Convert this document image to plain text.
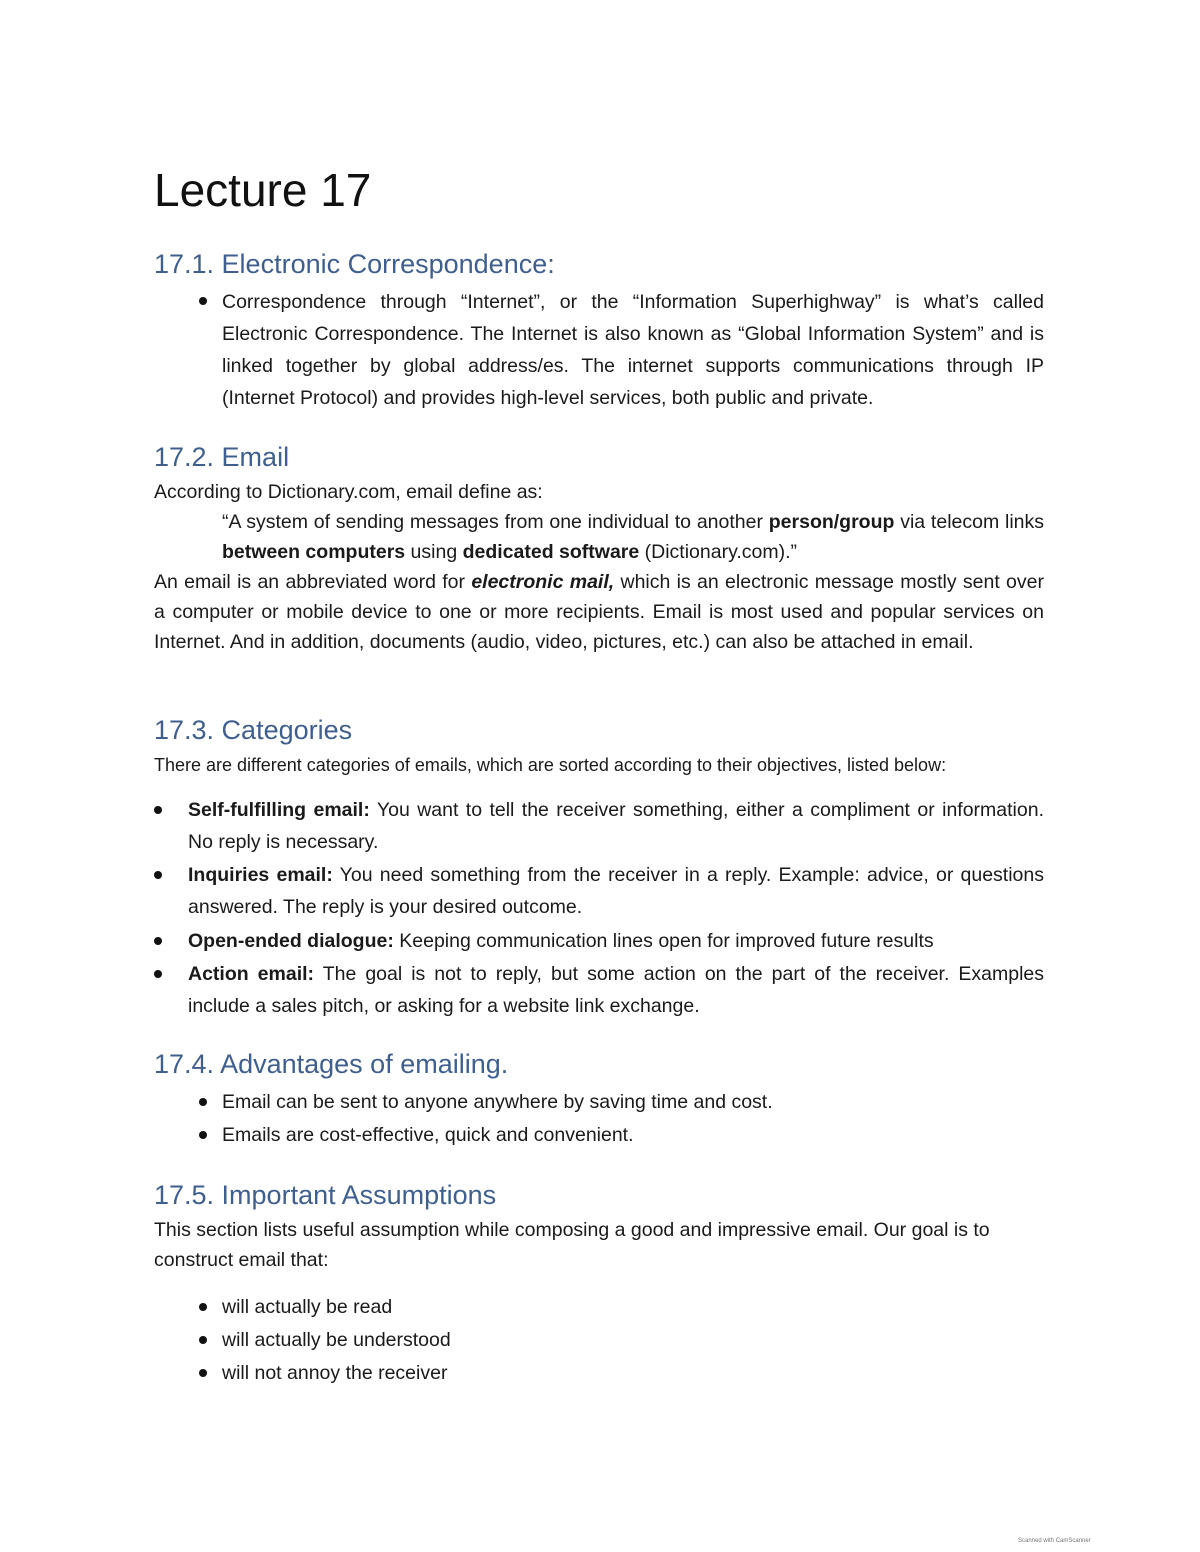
Lecture 17
17.1. Electronic Correspondence:
Correspondence through “Internet”, or the “Information Superhighway” is what’s called Electronic Correspondence. The Internet is also known as “Global Information System” and is linked together by global address/es. The internet supports communications through IP (Internet Protocol) and provides high-level services, both public and private.
17.2. Email
According to Dictionary.com, email define as:
“A system of sending messages from one individual to another person/group via telecom links between computers using dedicated software (Dictionary.com).”
An email is an abbreviated word for electronic mail, which is an electronic message mostly sent over a computer or mobile device to one or more recipients. Email is most used and popular services on Internet. And in addition, documents (audio, video, pictures, etc.) can also be attached in email.
17.3. Categories
There are different categories of emails, which are sorted according to their objectives, listed below:
Self-fulfilling email: You want to tell the receiver something, either a compliment or information. No reply is necessary.
Inquiries email: You need something from the receiver in a reply. Example: advice, or questions answered. The reply is your desired outcome.
Open-ended dialogue: Keeping communication lines open for improved future results
Action email: The goal is not to reply, but some action on the part of the receiver. Examples include a sales pitch, or asking for a website link exchange.
17.4. Advantages of emailing.
Email can be sent to anyone anywhere by saving time and cost.
Emails are cost-effective, quick and convenient.
17.5. Important Assumptions
This section lists useful assumption while composing a good and impressive email. Our goal is to construct email that:
will actually be read
will actually be understood
will not annoy the receiver
Scanned with CamScanner
